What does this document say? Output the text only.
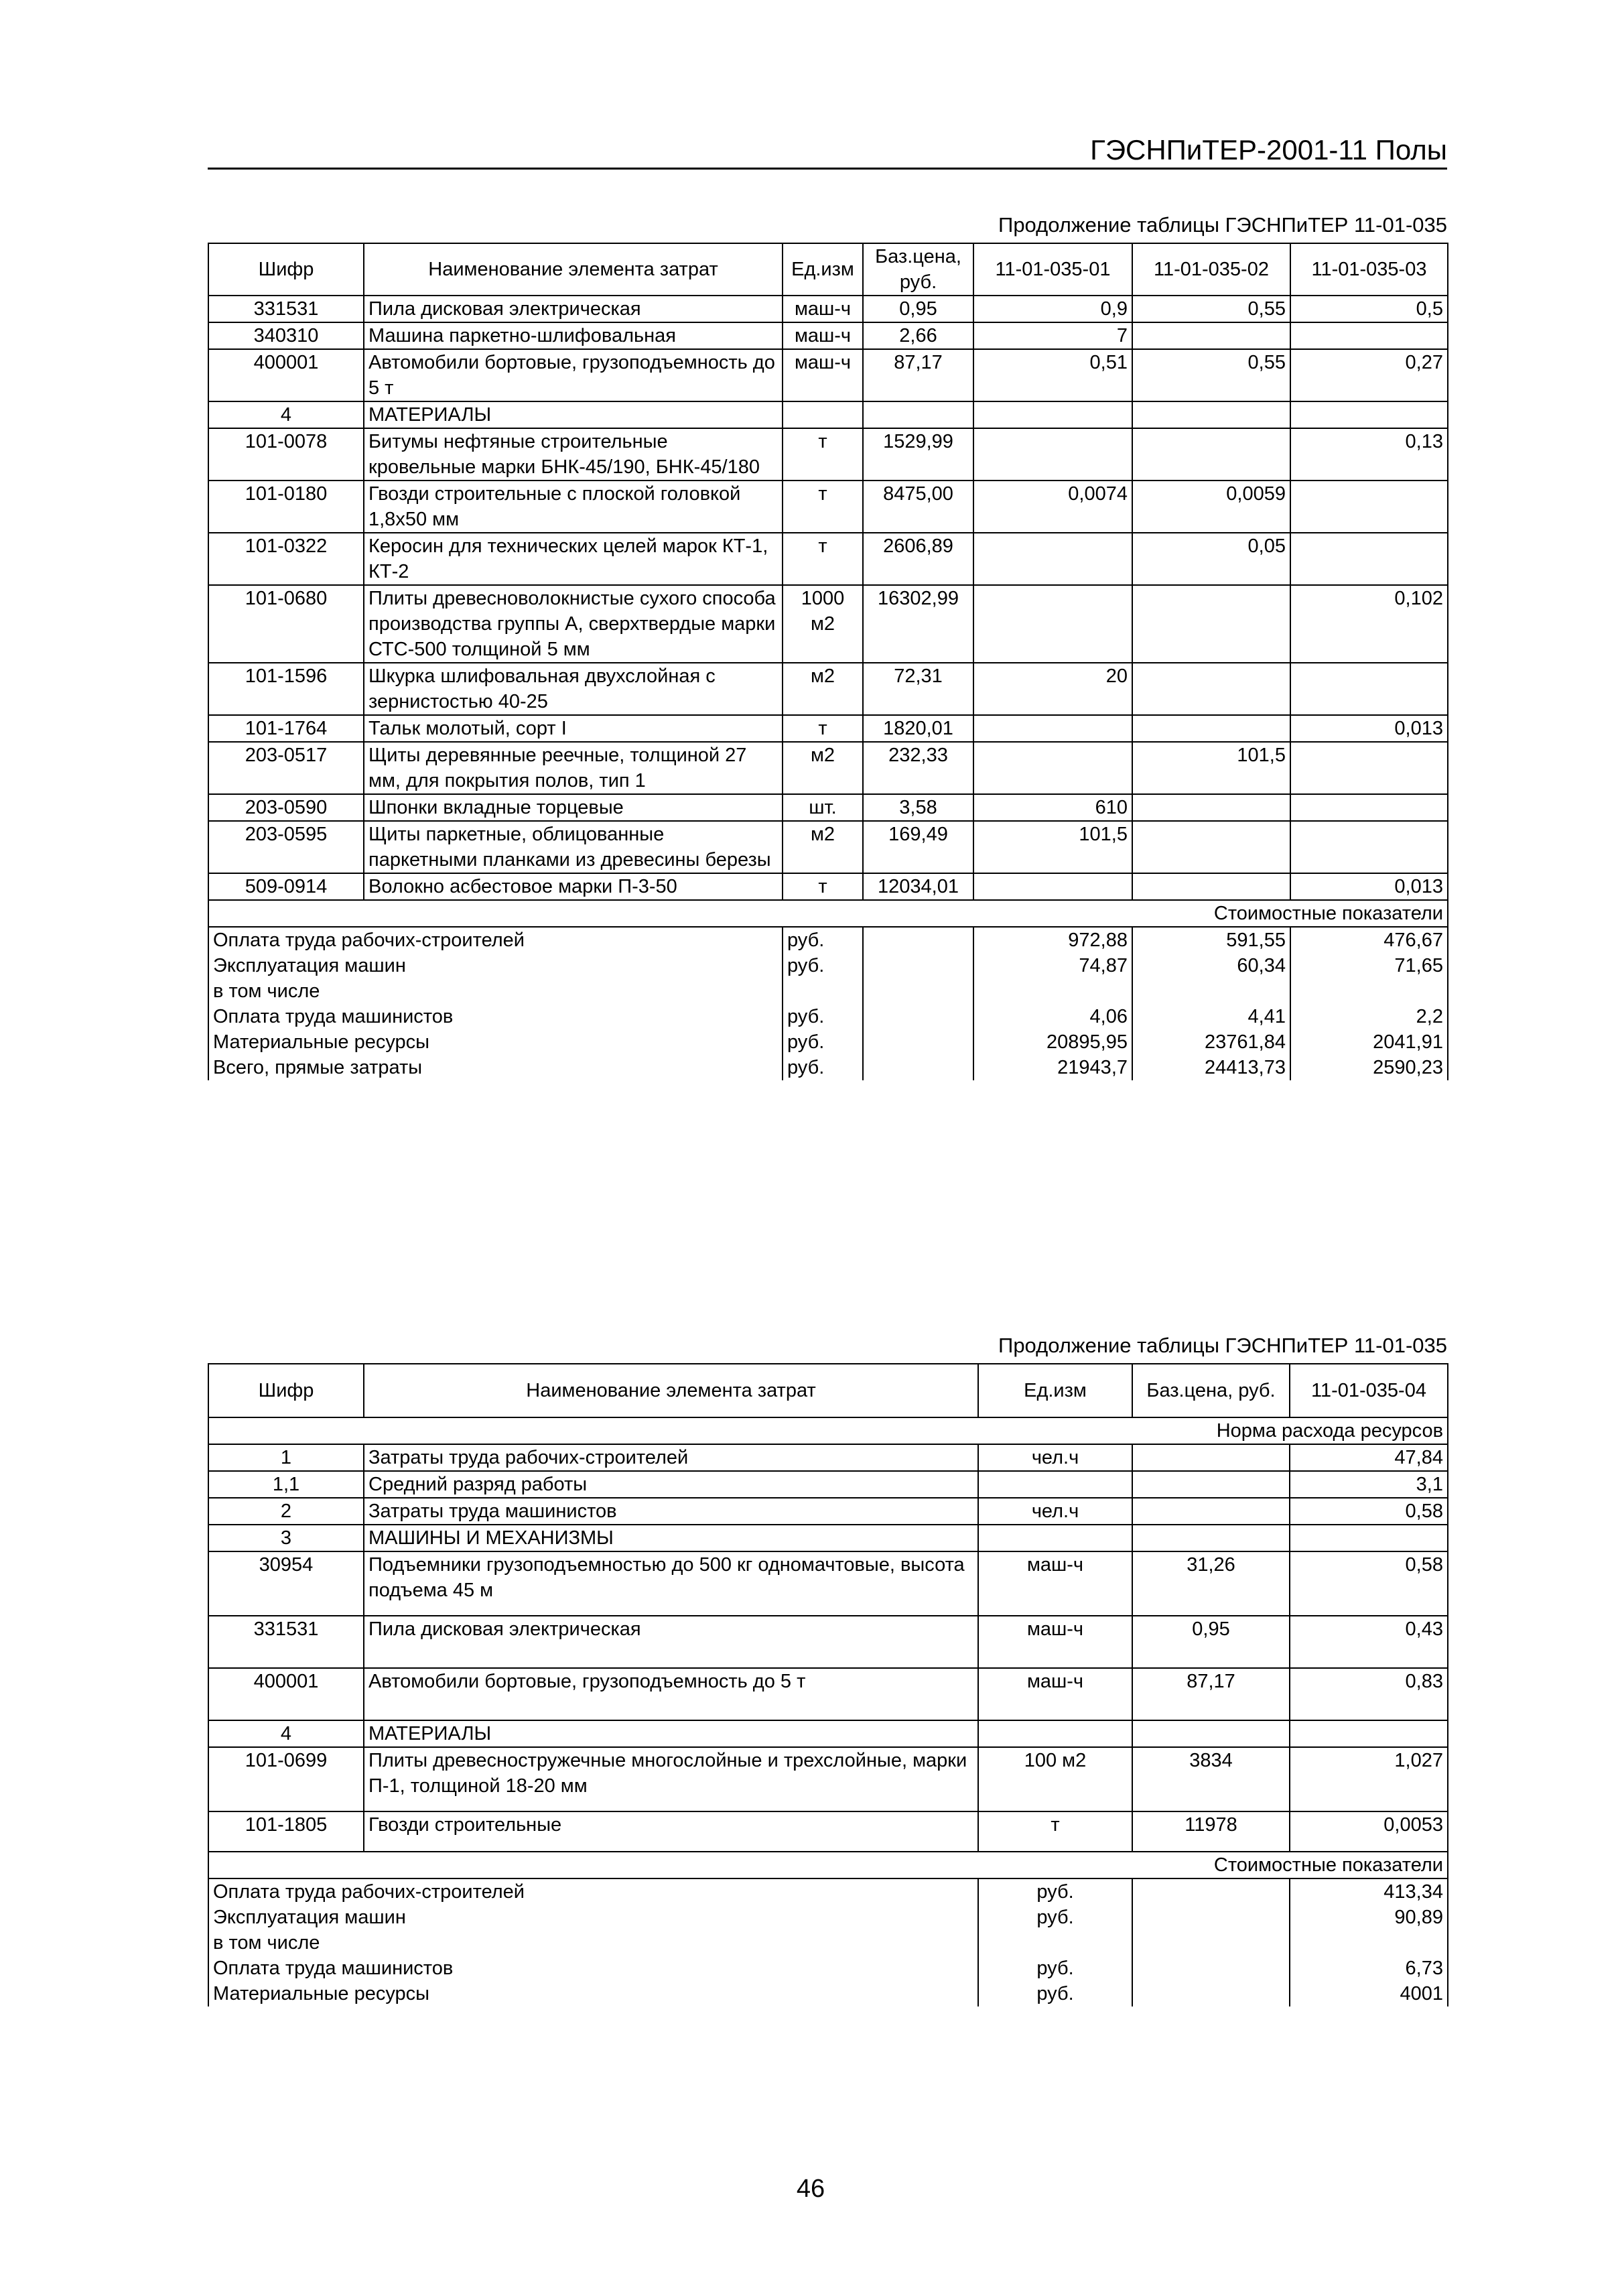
ГЭСНПиТЕР-2001-11 Полы
Продолжение таблицы ГЭСНПиТЕР 11-01-035
Шифр	Наименование элемента затрат	Ед.изм	Баз.цена, руб.	11-01-035-01	11-01-035-02	11-01-035-03
331531	Пила дисковая электрическая	маш-ч	0,95	0,9	0,55	0,5
340310	Машина паркетно-шлифовальная	маш-ч	2,66	7		
400001	Автомобили бортовые, грузоподъемность до 5 т	маш-ч	87,17	0,51	0,55	0,27
4	МАТЕРИАЛЫ					
101-0078	Битумы нефтяные строительные кровельные марки БНК-45/190, БНК-45/180	т	1529,99			0,13
101-0180	Гвозди строительные с плоской головкой 1,8х50 мм	т	8475,00	0,0074	0,0059	
101-0322	Керосин для технических целей марок КТ-1, КТ-2	т	2606,89		0,05	
101-0680	Плиты древесноволокнистые сухого способа производства группы А, сверхтвердые марки СТС-500 толщиной 5 мм	1000 м2	16302,99			0,102
101-1596	Шкурка шлифовальная двухслойная с зернистостью 40-25	м2	72,31	20		
101-1764	Тальк молотый, сорт I	т	1820,01			0,013
203-0517	Щиты деревянные реечные, толщиной 27 мм, для покрытия полов, тип 1	м2	232,33		101,5	
203-0590	Шпонки вкладные торцевые	шт.	3,58	610		
203-0595	Щиты паркетные, облицованные паркетными планками из древесины березы	м2	169,49	101,5		
509-0914	Волокно асбестовое марки П-3-50	т	12034,01			0,013
Стоимостные показатели						
Оплата труда рабочих-строителей		руб.		972,88	591,55	476,67
Эксплуатация машин		руб.		74,87	60,34	71,65
в том числе						
Оплата труда машинистов		руб.		4,06	4,41	2,2
Материальные ресурсы		руб.		20895,95	23761,84	2041,91
Всего, прямые затраты		руб.		21943,7	24413,73	2590,23
Продолжение таблицы ГЭСНПиТЕР 11-01-035
Шифр	Наименование элемента затрат	Ед.изм	Баз.цена, руб.	11-01-035-04
Норма расхода ресурсов				
1	Затраты труда рабочих-строителей	чел.ч		47,84
1,1	Средний разряд работы			3,1
2	Затраты труда машинистов	чел.ч		0,58
3	МАШИНЫ И МЕХАНИЗМЫ			
30954	Подъемники грузоподъемностью до 500 кг одномачтовые, высота подъема 45 м	маш-ч	31,26	0,58
331531	Пила дисковая электрическая	маш-ч	0,95	0,43
400001	Автомобили бортовые, грузоподъемность до 5 т	маш-ч	87,17	0,83
4	МАТЕРИАЛЫ			
101-0699	Плиты древесностружечные многослойные и трехслойные, марки П-1, толщиной 18-20 мм	100 м2	3834	1,027
101-1805	Гвозди строительные	т	11978	0,0053
Стоимостные показатели				
Оплата труда рабочих-строителей		руб.		413,34
Эксплуатация машин		руб.		90,89
в том числе				
Оплата труда машинистов		руб.		6,73
Материальные ресурсы		руб.		4001
46
